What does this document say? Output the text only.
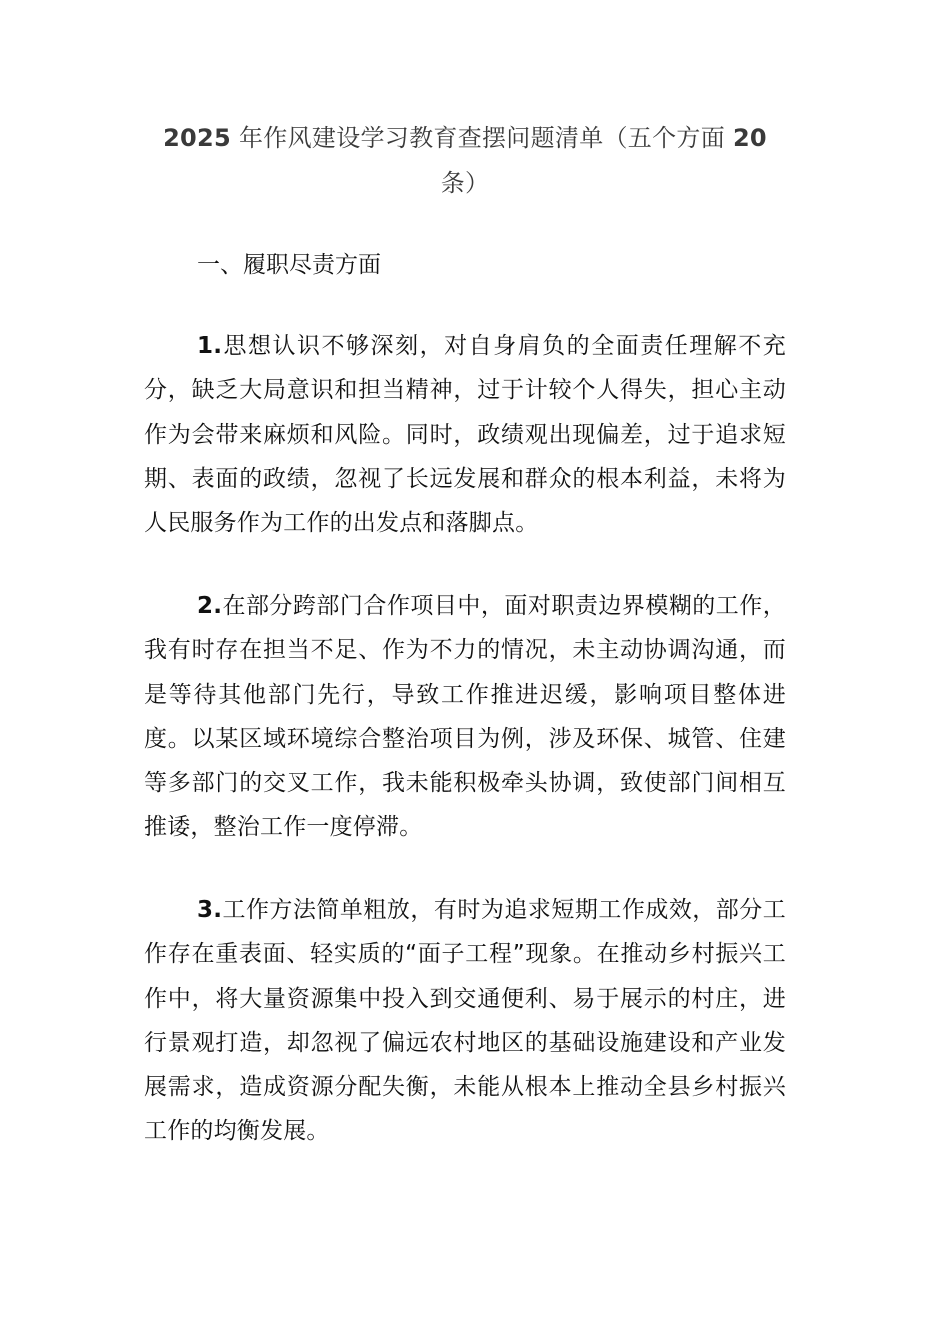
2025 年作风建设学习教育查摆问题清单（五个方面 20
条）
一、履职尽责方面

1.思想认识不够深刻，对自身肩负的全面责任理解不充分，缺乏大局意识和担当精神，过于计较个人得失，担心主动作为会带来麻烦和风险。同时，政绩观出现偏差，过于追求短期、表面的政绩，忽视了长远发展和群众的根本利益，未将为人民服务作为工作的出发点和落脚点。

2.在部分跨部门合作项目中，面对职责边界模糊的工作，我有时存在担当不足、作为不力的情况，未主动协调沟通，而是等待其他部门先行，导致工作推进迟缓，影响项目整体进度。以某区域环境综合整治项目为例，涉及环保、城管、住建等多部门的交叉工作，我未能积极牵头协调，致使部门间相互推诿，整治工作一度停滞。

3.工作方法简单粗放，有时为追求短期工作成效，部分工作存在重表面、轻实质的“面子工程”现象。在推动乡村振兴工作中，将大量资源集中投入到交通便利、易于展示的村庄，进行景观打造，却忽视了偏远农村地区的基础设施建设和产业发展需求，造成资源分配失衡，未能从根本上推动全县乡村振兴工作的均衡发展。
